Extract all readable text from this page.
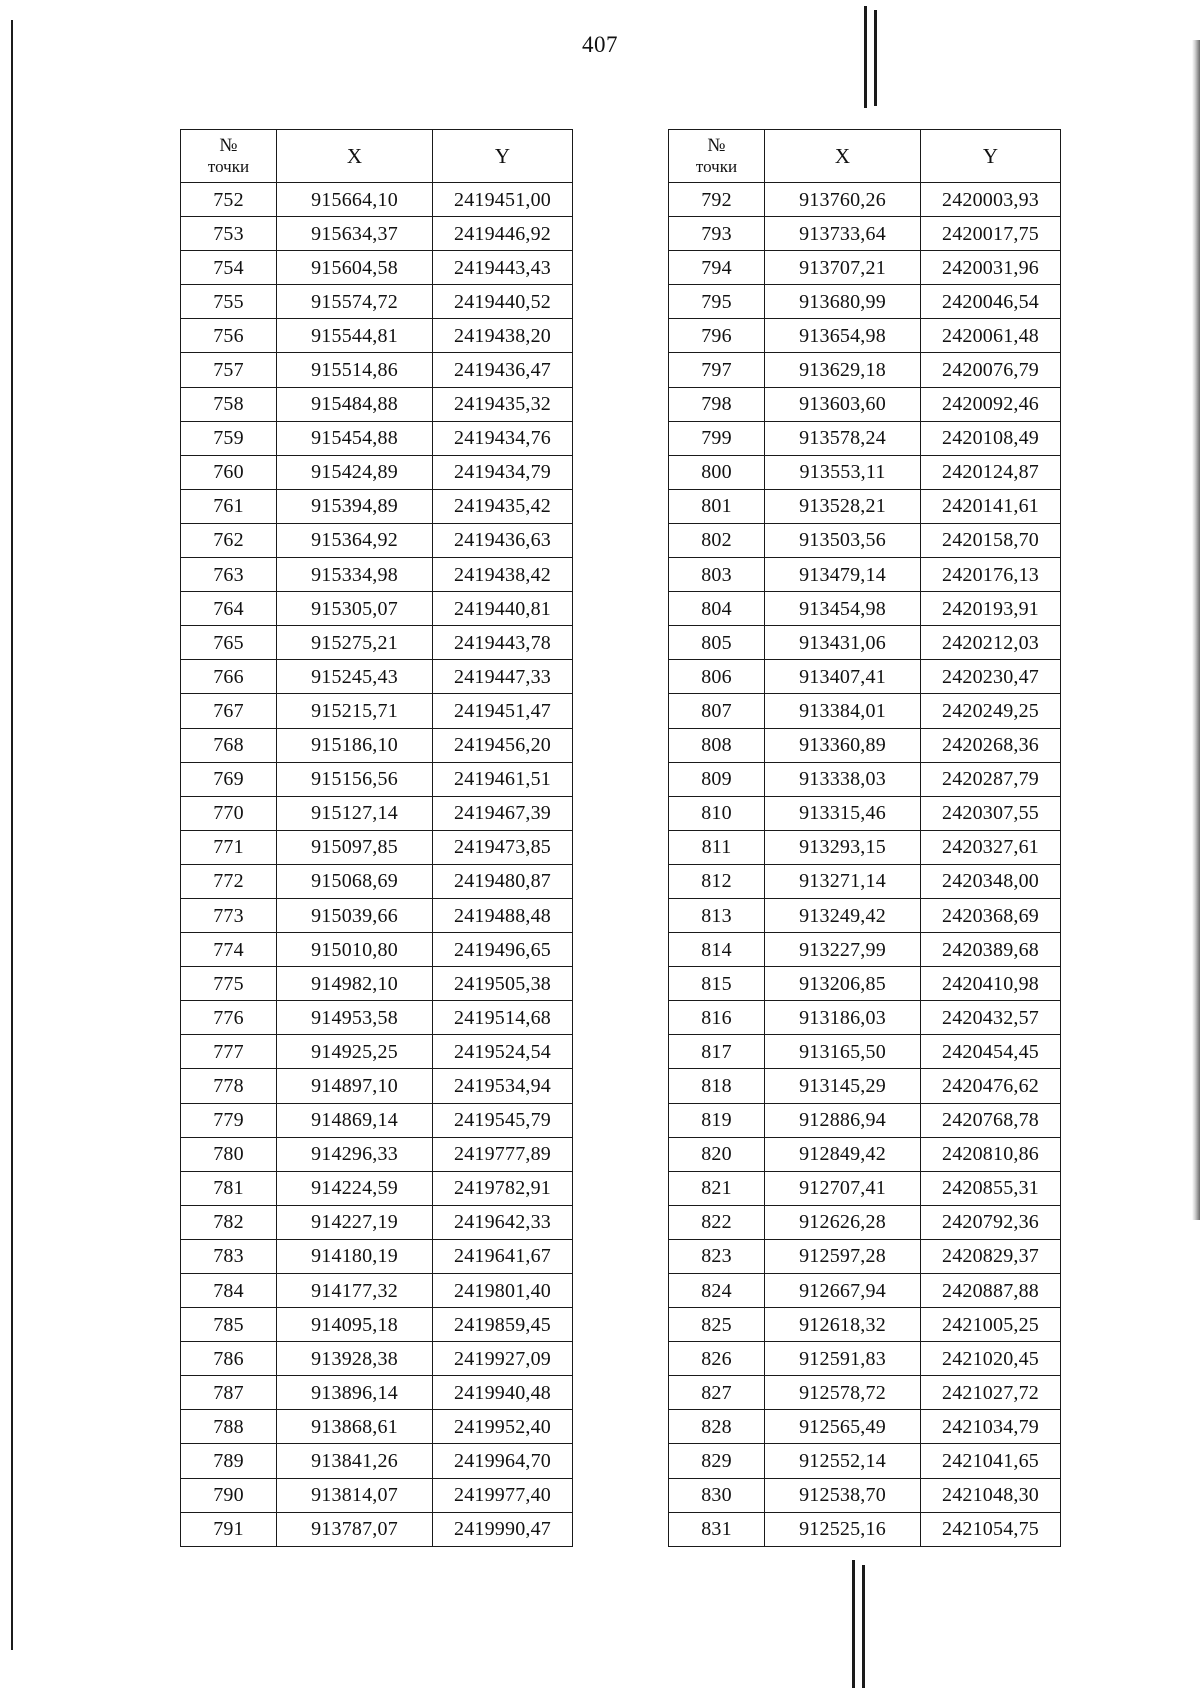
407
№
точки	X	Y
752	915664,10	2419451,00
753	915634,37	2419446,92
754	915604,58	2419443,43
755	915574,72	2419440,52
756	915544,81	2419438,20
757	915514,86	2419436,47
758	915484,88	2419435,32
759	915454,88	2419434,76
760	915424,89	2419434,79
761	915394,89	2419435,42
762	915364,92	2419436,63
763	915334,98	2419438,42
764	915305,07	2419440,81
765	915275,21	2419443,78
766	915245,43	2419447,33
767	915215,71	2419451,47
768	915186,10	2419456,20
769	915156,56	2419461,51
770	915127,14	2419467,39
771	915097,85	2419473,85
772	915068,69	2419480,87
773	915039,66	2419488,48
774	915010,80	2419496,65
775	914982,10	2419505,38
776	914953,58	2419514,68
777	914925,25	2419524,54
778	914897,10	2419534,94
779	914869,14	2419545,79
780	914296,33	2419777,89
781	914224,59	2419782,91
782	914227,19	2419642,33
783	914180,19	2419641,67
784	914177,32	2419801,40
785	914095,18	2419859,45
786	913928,38	2419927,09
787	913896,14	2419940,48
788	913868,61	2419952,40
789	913841,26	2419964,70
790	913814,07	2419977,40
791	913787,07	2419990,47
№
точки	X	Y
792	913760,26	2420003,93
793	913733,64	2420017,75
794	913707,21	2420031,96
795	913680,99	2420046,54
796	913654,98	2420061,48
797	913629,18	2420076,79
798	913603,60	2420092,46
799	913578,24	2420108,49
800	913553,11	2420124,87
801	913528,21	2420141,61
802	913503,56	2420158,70
803	913479,14	2420176,13
804	913454,98	2420193,91
805	913431,06	2420212,03
806	913407,41	2420230,47
807	913384,01	2420249,25
808	913360,89	2420268,36
809	913338,03	2420287,79
810	913315,46	2420307,55
811	913293,15	2420327,61
812	913271,14	2420348,00
813	913249,42	2420368,69
814	913227,99	2420389,68
815	913206,85	2420410,98
816	913186,03	2420432,57
817	913165,50	2420454,45
818	913145,29	2420476,62
819	912886,94	2420768,78
820	912849,42	2420810,86
821	912707,41	2420855,31
822	912626,28	2420792,36
823	912597,28	2420829,37
824	912667,94	2420887,88
825	912618,32	2421005,25
826	912591,83	2421020,45
827	912578,72	2421027,72
828	912565,49	2421034,79
829	912552,14	2421041,65
830	912538,70	2421048,30
831	912525,16	2421054,75
